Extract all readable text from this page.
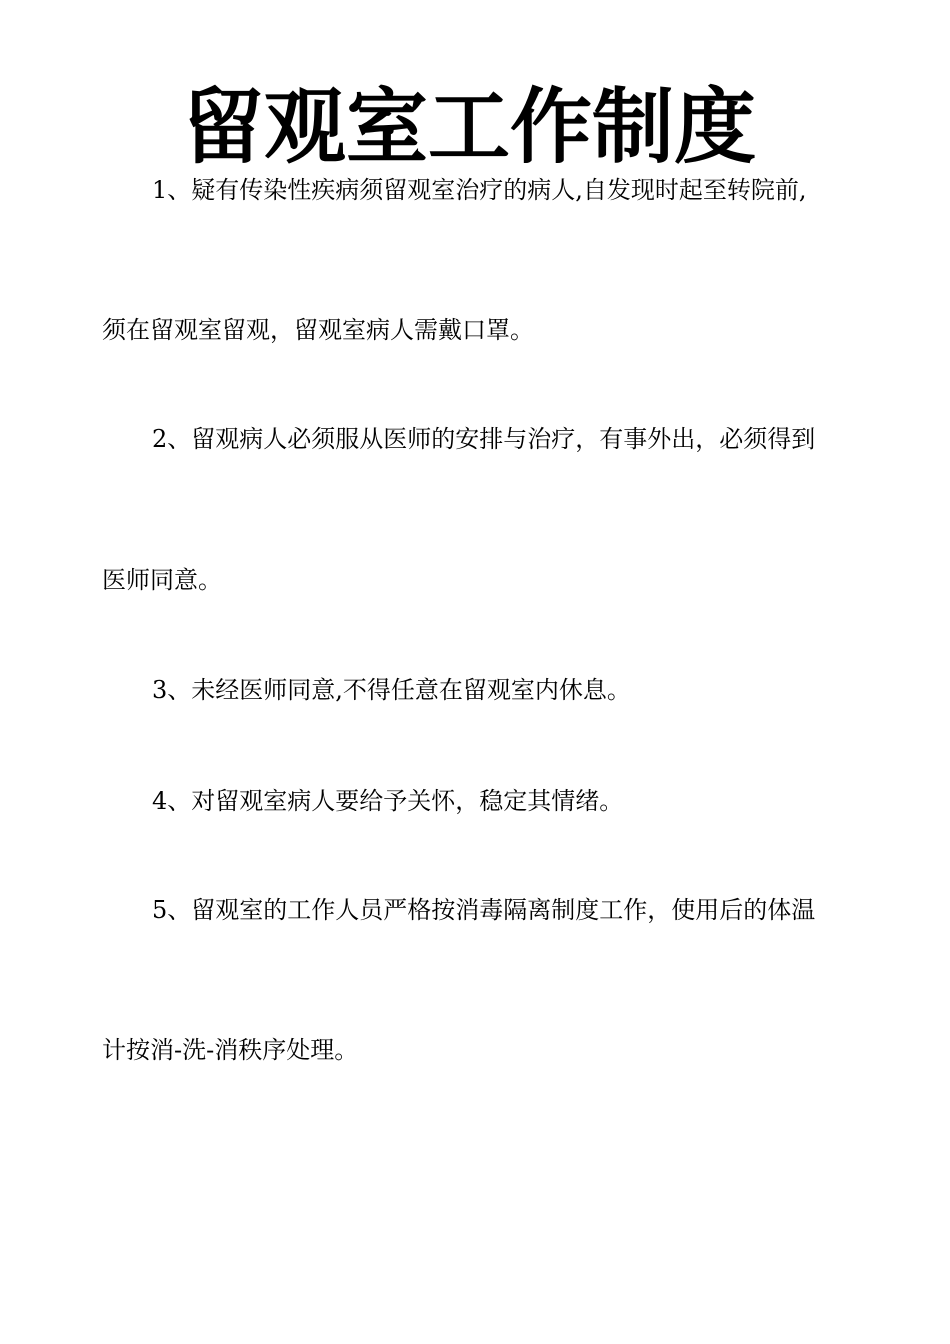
留观室工作制度

1、疑有传染性疾病须留观室治疗的病人,自发现时起至转院前,

须在留观室留观，留观室病人需戴口罩。

2、留观病人必须服从医师的安排与治疗，有事外出，必须得到

医师同意。

3、未经医师同意,不得任意在留观室内休息。

4、对留观室病人要给予关怀，稳定其情绪。

5、留观室的工作人员严格按消毒隔离制度工作，使用后的体温

计按消-洗-消秩序处理。
